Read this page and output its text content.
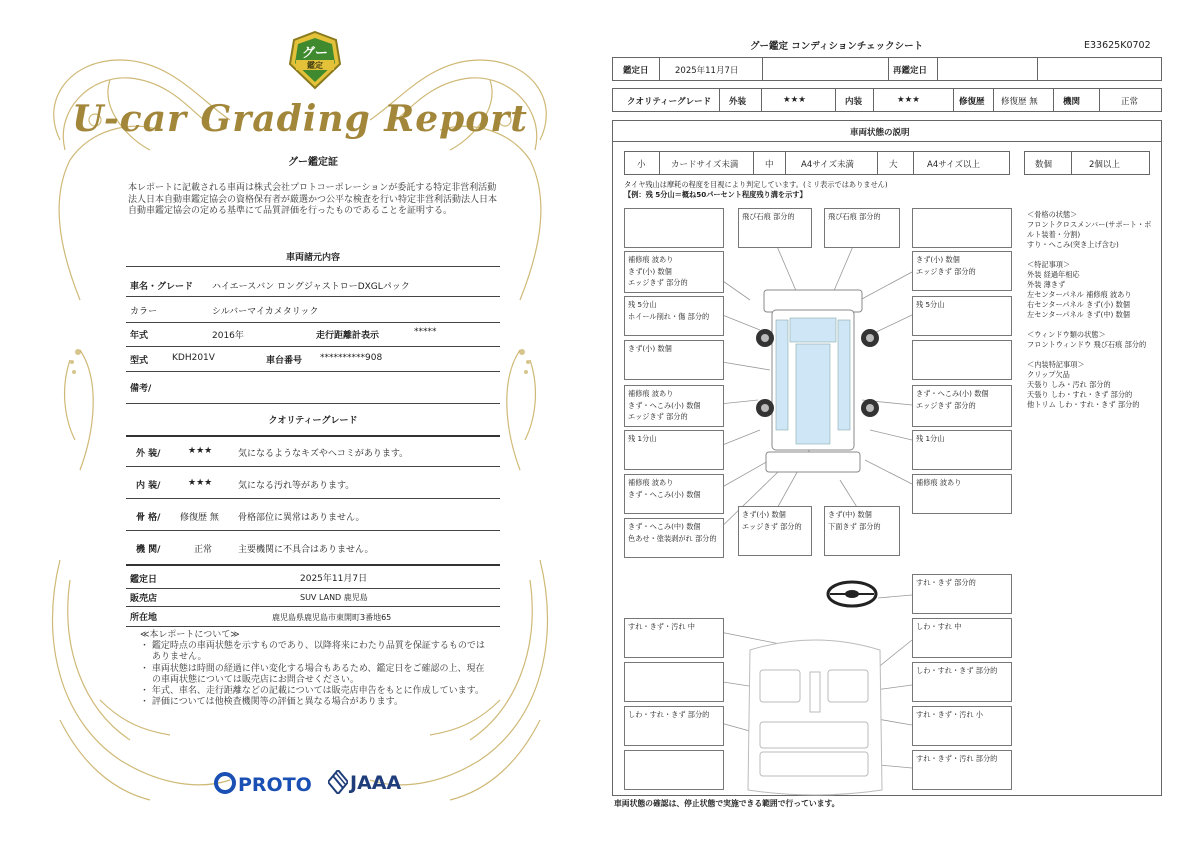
グー
鑑定
U-car Grading Report
グー鑑定証
本レポートに記載される車両は株式会社プロトコーポレーションが委託する特定非営利活動法人日本自動車鑑定協会の資格保有者が厳選かつ公平な検査を行い特定非営利活動法人日本自動車鑑定協会の定める基準にて品質評価を行ったものであることを証明する。
車両諸元内容
車名・グレード ハイエースバン ロングジャストローDXGLパック
カラー	シルバーマイカメタリック
年式	2016年	走行距離計表示	*****
型式	KDH201V	車台番号 **********908
備考/
クオリティーグレード
外 装/	★★★	気になるようなキズやヘコミがあります。
内 装/	★★★	気になる汚れ等があります。
骨 格/ 修復歴 無 骨格部位に異常はありません。
機 関/	正常	主要機関に不具合はありません。
鑑定日	2025年11月7日
販売店	SUV LAND 鹿児島
所在地	鹿児島県鹿児島市東開町3番地65
≪本レポートについて≫
・ 鑑定時点の車両状態を示すものであり、以降将来にわたり品質を保証するものではありません。
・ 車両状態は時間の経過に伴い変化する場合もあるため、鑑定日をご確認の上、現在の車両状態については販売店にお問合せください。
・ 年式、車名、走行距離などの記載については販売店申告をもとに作成しています。
・ 評価については他検査機関等の評価と異なる場合があります。
PROTO JAAA
グー鑑定 コンディションチェックシート	E33625K0702
鑑定日	2025年11月7日	再鑑定日
クオリティーグレード 外装	★★★	内装	★★★	修復歴 修復歴 無	機関	正常
車両状態の説明
小	カードサイズ未満	中	A4サイズ未満	大	A4サイズ以上	数個	2個以上
タイヤ残山は摩耗の程度を目視により判定しています。(ミリ表示ではありません)
【例：残 5分山＝概ね50パーセント程度残り溝を示す】
補修痕 波あり
きず(小) 数個
エッジきず 部分的
残 5分山
ホイール削れ・傷 部分的
きず(小) 数個
補修痕 波あり
きず・へこみ(小) 数個
エッジきず 部分的
残 1分山
補修痕 波あり
きず・へこみ(小) 数個
きず・へこみ(中) 数個
色あせ・塗装剥がれ 部分的
飛び石痕 部分的	飛び石痕 部分的
きず(小) 数個
エッジきず 部分的
きず(中) 数個
下面きず 部分的
きず(小) 数個
エッジきず 部分的
残 5分山
きず・へこみ(小) 数個
エッジきず 部分的
残 1分山
補修痕 波あり
すれ・きず 部分的
すれ・きず・汚れ 中	しわ・すれ 中
しわ・すれ・きず 部分的
しわ・すれ・きず 部分的	すれ・きず・汚れ 小
すれ・きず・汚れ 部分的
＜骨格の状態＞
フロントクロスメンバー(サポート・ボ
ルト装着・分割)
すり・へこみ(突き上げ含む)
＜特記事項＞
外装 経過年相応
外装 薄きず
左センターパネル 補修痕 波あり
右センターパネル きず(小) 数個
左センターパネル きず(中) 数個
＜ウィンドウ類の状態＞
フロントウィンドウ 飛び石痕 部分的
＜内装特記事項＞
クリップ欠品
天張り しみ・汚れ 部分的
天張り しわ・すれ・きず 部分的
他トリム しわ・すれ・きず 部分的
車両状態の確認は、停止状態で実施できる範囲で行っています。
